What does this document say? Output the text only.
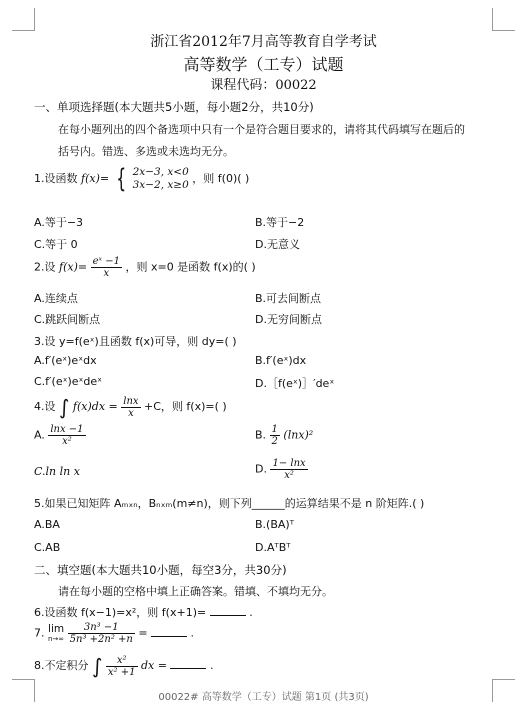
浙江省2012年7月高等教育自学考试
高等数学（工专）试题
课程代码：00022
一、单项选择题(本大题共5小题，每小题2分，共10分)
在每小题列出的四个备选项中只有一个是符合题目要求的，请将其代码填写在题后的
括号内。错选、多选或未选均无分。
1.设函数 f(x)= { 2x−3, x<0
3x−2, x≥0 ，则 f(0)( )
A.等于−3	B.等于−2
C.等于 0	D.无意义
2.设 $f(x)= \frac{\text{eˣ −1}}{x}$ ，则 x=0 是函数 f(x)的( )
A.连续点	B.可去间断点
C.跳跃间断点	D.无穷间断点
3.设 y=f(eˣ)且函数 f(x)可导，则 dy=( )
A.f′(eˣ)eˣdx	B.f′(eˣ)dx
C.f′(eˣ)eˣdeˣ	D.［f(eˣ)］′deˣ
4.设 ∫ $f(x)dx = \frac{\ln x}{x} +C$，则 f(x)=( )
A. $\frac{\ln x -1}{\text{x²}}$	B. $\frac{1}{2} (\ln x)^2$
C.ln ln x	D. $\frac{1- \ln x}{\text{x²}}$
5.如果已知矩阵 Aₘₓₙ，Bₙₓₘ(m≠n)，则下列______的运算结果不是 n 阶矩阵.( )
A.BA	B.(BA)ᵀ
C.AB	D.AᵀBᵀ
二、填空题(本大题共10小题，每空3分，共30分)
请在每小题的空格中填上正确答案。错填、不填均无分。
6.设函数 f(x−1)=x²，则 f(x+1)=	.
7. lim
n→∞
$\frac{\text{3n³ −1}}{\text{5n³ +2n² +n}}$ =	.
8.不定积分 ∫ $\frac{\text{x²}}{\text{x² +1}}$ dx =	.
00022# 高等数学（工专）试题 第1页 (共3页)
